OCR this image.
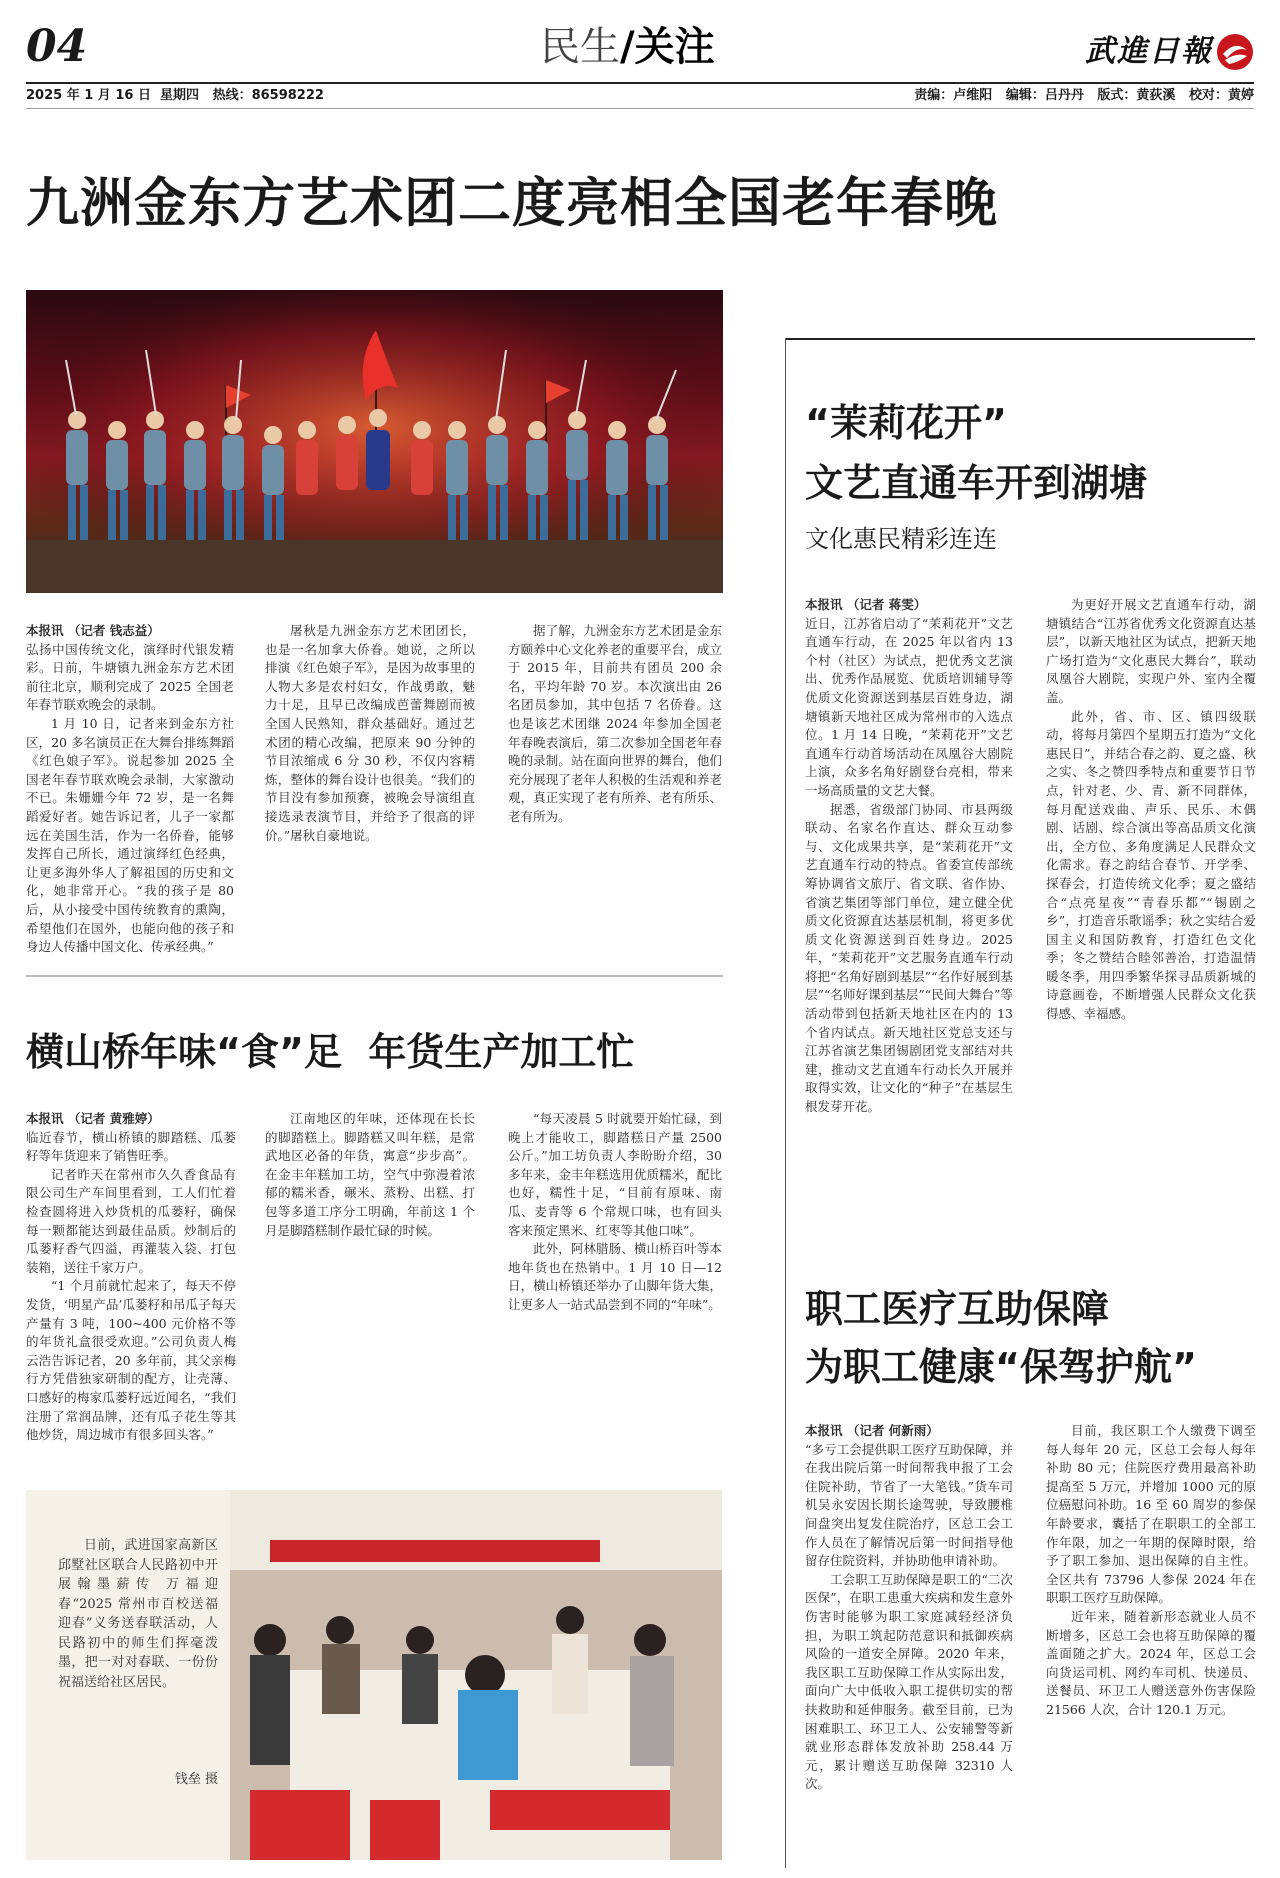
04	民生/关注	武進日報
2025 年 1 月 16 日  星期四   热线：86598222	责编：卢维阳   编辑：吕丹丹   版式：黄荻溪   校对：黄婷
九洲金东方艺术团二度亮相全国老年春晚

本报讯 （记者 钱志益）

弘扬中国传统文化，演绎时代银发精彩。日前，牛塘镇九洲金东方艺术团前往北京，顺利完成了 2025 全国老年春节联欢晚会的录制。

1 月 10 日，记者来到金东方社区，20 多名演员正在大舞台排练舞蹈《红色娘子军》。说起参加 2025 全国老年春节联欢晚会录制，大家激动不已。朱姗姗今年 72 岁，是一名舞蹈爱好者。她告诉记者，儿子一家都远在美国生活，作为一名侨眷，能够发挥自己所长，通过演绎红色经典，让更多海外华人了解祖国的历史和文化，她非常开心。“我的孩子是 80 后，从小接受中国传统教育的熏陶，希望他们在国外，也能向他的孩子和身边人传播中国文化、传承经典。”

屠秋是九洲金东方艺术团团长，也是一名加拿大侨眷。她说，之所以排演《红色娘子军》，是因为故事里的人物大多是农村妇女，作战勇敢，魅力十足，且早已改编成芭蕾舞剧而被全国人民熟知，群众基础好。通过艺术团的精心改编，把原来 90 分钟的节目浓缩成 6 分 30 秒，不仅内容精炼，整体的舞台设计也很美。“我们的节目没有参加预赛，被晚会导演组直接选录表演节目，并给予了很高的评价。”屠秋自豪地说。

据了解，九洲金东方艺术团是金东方颐养中心文化养老的重要平台，成立于 2015 年，目前共有团员 200 余名，平均年龄 70 岁。本次演出由 26 名团员参加，其中包括 7 名侨眷。这也是该艺术团继 2024 年参加全国老年春晚表演后，第二次参加全国老年春晚的录制。站在面向世界的舞台，他们充分展现了老年人积极的生活观和养老观，真正实现了老有所养、老有所乐、老有所为。

横山桥年味“食”足  年货生产加工忙

本报讯 （记者 黄雅婷）

临近春节，横山桥镇的脚踏糕、瓜蒌籽等年货迎来了销售旺季。

记者昨天在常州市久久香食品有限公司生产车间里看到，工人们忙着检查圆将进入炒货机的瓜蒌籽，确保每一颗都能达到最佳品质。炒制后的瓜蒌籽香气四溢，再灌装入袋、打包装箱，送往千家万户。

“1 个月前就忙起来了，每天不停发货，‘明星产品’瓜蒌籽和吊瓜子每天产量有 3 吨，100~400 元价格不等的年货礼盒很受欢迎。”公司负责人梅云浩告诉记者，20 多年前，其父亲梅行方凭借独家研制的配方，让壳薄、口感好的梅家瓜蒌籽远近闻名，“我们注册了常润品牌，还有瓜子花生等其他炒货，周边城市有很多回头客。”

江南地区的年味，还体现在长长的脚踏糕上。脚踏糕又叫年糕，是常武地区必备的年货，寓意“步步高”。在金丰年糕加工坊，空气中弥漫着浓郁的糯米香，碾米、蒸粉、出糕、打包等多道工序分工明确，年前这 1 个月是脚踏糕制作最忙碌的时候。

“每天凌晨 5 时就要开始忙碌，到晚上才能收工，脚踏糕日产量 2500 公斤。”加工坊负责人李盼盼介绍，30 多年来，金丰年糕选用优质糯米，配比也好，糯性十足，“目前有原味、南瓜、麦青等 6 个常规口味，也有回头客来预定黑米、红枣等其他口味”。

此外，阿林腊肠、横山桥百叶等本地年货也在热销中。1 月 10 日—12 日，横山桥镇还举办了山脚年货大集，让更多人一站式品尝到不同的“年味”。

日前，武进国家高新区邱墅社区联合人民路初中开展翰墨薪传 万福迎春“2025 常州市百校送福迎春”义务送春联活动，人民路初中的师生们挥毫泼墨，把一对对春联、一份份祝福送给社区居民。
钱垒 摄
“茉莉花开”
文艺直通车开到湖塘
文化惠民精彩连连

本报讯 （记者 蒋雯）

近日，江苏省启动了“茉莉花开”文艺直通车行动，在 2025 年以省内 13 个村（社区）为试点，把优秀文艺演出、优秀作品展览、优质培训辅导等优质文化资源送到基层百姓身边，湖塘镇新天地社区成为常州市的入选点位。1 月 14 日晚，“茉莉花开”文艺直通车行动首场活动在凤凰谷大剧院上演，众多名角好剧登台亮相，带来一场高质量的文艺大餐。

据悉，省级部门协同、市县两级联动、名家名作直达、群众互动参与、文化成果共享，是“茉莉花开”文艺直通车行动的特点。省委宣传部统筹协调省文旅厅、省文联、省作协、省演艺集团等部门单位，建立健全优质文化资源直达基层机制，将更多优质文化资源送到百姓身边。2025 年，“茉莉花开”文艺服务直通车行动将把“名角好剧到基层”“名作好展到基层”“名师好课到基层”“民间大舞台”等活动带到包括新天地社区在内的 13 个省内试点。新天地社区党总支还与江苏省演艺集团锡剧团党支部结对共建，推动文艺直通车行动长久开展并取得实效，让文化的“种子”在基层生根发芽开花。

为更好开展文艺直通车行动，湖塘镇结合“江苏省优秀文化资源直达基层”，以新天地社区为试点，把新天地广场打造为“文化惠民大舞台”，联动凤凰谷大剧院，实现户外、室内全覆盖。

此外，省、市、区、镇四级联动，将每月第四个星期五打造为“文化惠民日”，并结合春之韵、夏之盛、秋之实、冬之赞四季特点和重要节日节点，针对老、少、青、新不同群体，每月配送戏曲、声乐、民乐、木偶剧、话剧、综合演出等高品质文化演出，全方位、多角度满足人民群众文化需求。春之韵结合春节、开学季、探春会，打造传统文化季；夏之盛结合“点亮星夜”“青春乐都”“锡剧之乡”，打造音乐歌谣季；秋之实结合爱国主义和国防教育，打造红色文化季；冬之赞结合睦邻善治，打造温情暖冬季，用四季繁华探寻品质新城的诗意画卷，不断增强人民群众文化获得感、幸福感。

职工医疗互助保障
为职工健康“保驾护航”

本报讯 （记者 何新雨）

“多亏工会提供职工医疗互助保障，并在我出院后第一时间帮我申报了工会住院补助，节省了一大笔钱。”货车司机吴永安因长期长途驾驶，导致腰椎间盘突出复发住院治疗，区总工会工作人员在了解情况后第一时间指导他留存住院资料，并协助他申请补助。

工会职工互助保障是职工的“二次医保”，在职工患重大疾病和发生意外伤害时能够为职工家庭减轻经济负担，为职工筑起防范意识和抵御疾病风险的一道安全屏障。2020 年来，我区职工互助保障工作从实际出发，面向广大中低收入职工提供切实的帮扶救助和延伸服务。截至目前，已为困难职工、环卫工人、公安辅警等新就业形态群体发放补助 258.44 万元，累计赠送互助保障 32310 人次。

目前，我区职工个人缴费下调至每人每年 20 元，区总工会每人每年补助 80 元；住院医疗费用最高补助提高至 5 万元，并增加 1000 元的原位癌慰问补助。16 至 60 周岁的参保年龄要求，囊括了在职职工的全部工作年限，加之一年期的保障时限，给予了职工参加、退出保障的自主性。全区共有 73796 人参保 2024 年在职职工医疗互助保障。

近年来，随着新形态就业人员不断增多，区总工会也将互助保障的覆盖面随之扩大。2024 年，区总工会向货运司机、网约车司机、快递员、送餐员、环卫工人赠送意外伤害保险 21566 人次，合计 120.1 万元。
